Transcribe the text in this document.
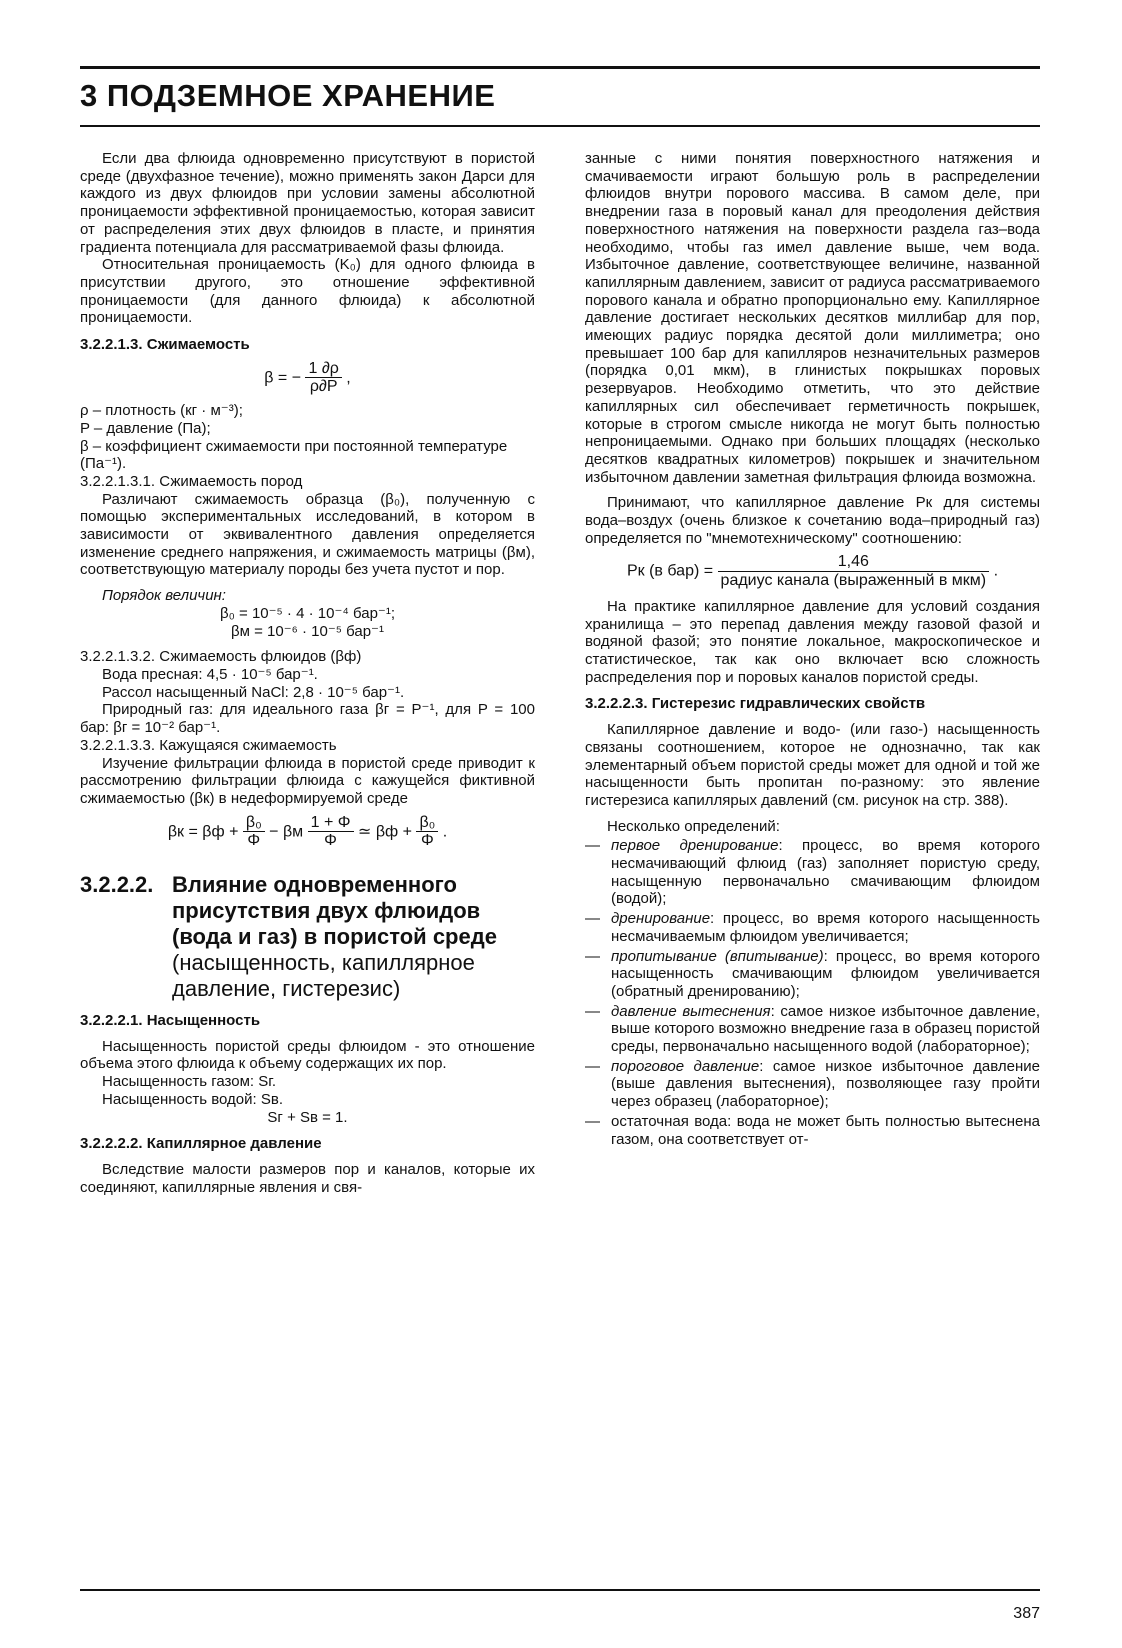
3 ПОДЗЕМНОЕ ХРАНЕНИЕ

Если два флюида одновременно присутствуют в пористой среде (двухфазное течение), можно применять закон Дарси для каждого из двух флюидов при условии замены абсолютной проницаемости эффективной проницаемостью, которая зависит от распределения этих двух флюидов в пласте, и принятия градиента потенциала для рассматриваемой фазы флюида.

Относительная проницаемость (K₀) для одного флюида в присутствии другого, это отношение эффективной проницаемости (для данного флюида) к абсолютной проницаемости.

3.2.2.1.3. Сжимаемость
β = − $\frac{1 \partial\rho}{\rho\partial P}$ ,

ρ – плотность (кг · м⁻³);

P – давление (Па);

β – коэффициент сжимаемости при постоянной температуре (Па⁻¹).

3.2.2.1.3.1. Сжимаемость пород

Различают сжимаемость образца (β₀), полученную с помощью экспериментальных исследований, в котором в зависимости от эквивалентного давления определяется изменение среднего напряжения, и сжимаемость матрицы (βм), соответствующую материалу породы без учета пустот и пор.

Порядок величин:

β₀ = 10⁻⁵ · 4 · 10⁻⁴ бар⁻¹;

βм = 10⁻⁶ · 10⁻⁵ бар⁻¹

3.2.2.1.3.2. Сжимаемость флюидов (βф)

Вода пресная: 4,5 · 10⁻⁵ бар⁻¹.

Рассол насыщенный NaCl: 2,8 · 10⁻⁵ бар⁻¹.

Природный газ: для идеального газа βг = P⁻¹, для P = 100 бар: βг = 10⁻² бар⁻¹.

3.2.2.1.3.3. Кажущаяся сжимаемость

Изучение фильтрации флюида в пористой среде приводит к рассмотрению фильтрации флюида с кажущейся фиктивной сжимаемостью (βк) в недеформируемой среде

$\beta к = \beta ф + \frac{\text{β₀}}{\Phi} - \beta м \frac{1 + \Phi}{\Phi}$ ≃ $\beta ф + \frac{\text{β₀}}{\Phi}$ .
3.2.2.2. Влияние одновременного присутствия двух флюидов (вода и газ) в пористой среде (насыщенность, капиллярное давление, гистерезис)
3.2.2.2.1. Насыщенность

Насыщенность пористой среды флюидом - это отношение объема этого флюида к объему содержащих их пор.

Насыщенность газом: Sг.

Насыщенность водой: Sв.

Sг + Sв = 1.

3.2.2.2.2. Капиллярное давление

Вследствие малости размеров пор и каналов, которые их соединяют, капиллярные явления и свя-

занные с ними понятия поверхностного натяжения и смачиваемости играют большую роль в распределении флюидов внутри порового массива. В самом деле, при внедрении газа в поровый канал для преодоления действия поверхностного натяжения на поверхности раздела газ–вода необходимо, чтобы газ имел давление выше, чем вода. Избыточное давление, соответствующее величине, названной капиллярным давлением, зависит от радиуса рассматриваемого порового канала и обратно пропорционально ему. Капиллярное давление достигает нескольких десятков миллибар для пор, имеющих радиус порядка десятой доли миллиметра; оно превышает 100 бар для капилляров незначительных размеров (порядка 0,01 мкм), в глинистых покрышках поровых резервуаров. Необходимо отметить, что это действие капиллярных сил обеспечивает герметичность покрышек, которые в строгом смысле никогда не могут быть полностью непроницаемыми. Однако при больших площадях (несколько десятков квадратных километров) покрышек и значительном избыточном давлении заметная фильтрация флюида возможна.

Принимают, что капиллярное давление Pк для системы вода–воздух (очень близкое к сочетанию вода–природный газ) определяется по "мнемотехническому" соотношению:

Pк (в $бар) = \frac{1,46}{\text{радиус канала (выраженный в мкм)}}$ .

На практике капиллярное давление для условий создания хранилища – это перепад давления между газовой фазой и водяной фазой; это понятие локальное, макроскопическое и статистическое, так как оно включает всю сложность распределения пор и поровых каналов пористой среды.

3.2.2.2.3. Гистерезис гидравлических свойств

Капиллярное давление и водо- (или газо-) насыщенность связаны соотношением, которое не однозначно, так как элементарный объем пористой среды может для одной и той же насыщенности быть пропитан по-разному: это явление гистерезиса капиллярых давлений (см. рисунок на стр. 388).

Несколько определений:

— первое дренирование: процесс, во время которого несмачивающий флюид (газ) заполняет пористую среду, насыщенную первоначально смачивающим флюидом (водой);
— дренирование: процесс, во время которого насыщенность несмачиваемым флюидом увеличивается;
— пропитывание (впитывание): процесс, во время которого насыщенность смачивающим флюидом увеличивается (обратный дренированию);
— давление вытеснения: самое низкое избыточное давление, выше которого возможно внедрение газа в образец пористой среды, первоначально насыщенного водой (лабораторное);
— пороговое давление: самое низкое избыточное давление (выше давления вытеснения), позволяющее газу пройти через образец (лабораторное);
— остаточная вода: вода не может быть полностью вытеснена газом, она соответствует от-
387
